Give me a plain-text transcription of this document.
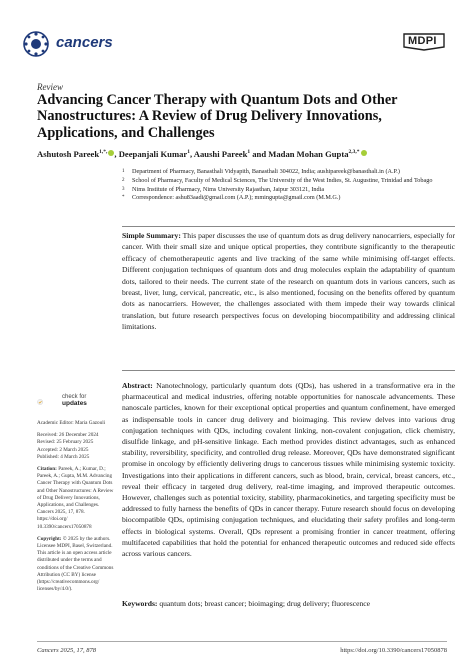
cancers	MDPI
Review
Advancing Cancer Therapy with Quantum Dots and Other Nanostructures: A Review of Drug Delivery Innovations, Applications, and Challenges
Ashutosh Pareek$^{1,*,}$ , Deepanjali Kumar$^1$, Aaushi Pareek$^1$ and Madan Mohan Gupta$^{2,3,*}$
1 Department of Pharmacy, Banasthali Vidyapith, Banasthali 304022, India; aushipareek@banasthali.in (A.P.)
2 School of Pharmacy, Faculty of Medical Sciences, The University of the West Indies, St. Augustine, Trinidad and Tobago
3 Nims Institute of Pharmacy, Nims University Rajasthan, Jaipur 303121, India
* Correspondence: ashu83aadi@gmail.com (A.P.); mmingupta@gmail.com (M.M.G.)
Simple Summary: This paper discusses the use of quantum dots as drug delivery nanocarriers, especially for cancer. With their small size and unique optical properties, they contribute significantly to the therapeutic efficacy of chemotherapeutic agents and live tracking of the same while minimising off-target effects. Different conjugation techniques of quantum dots and drug molecules explain the adaptability of quantum dots, tailored to their needs. The current state of the research on quantum dots in various cancers, such as breast, liver, lung, cervical, pancreatic, etc., is also mentioned, focusing on the benefits offered by quantum dots as nanocarriers. However, the challenges associated with them impede their way towards clinical translation, but future research perspectives focus on developing biocompatibility and addressing clinical limitations.
Abstract: Nanotechnology, particularly quantum dots (QDs), has ushered in a transformative era in the pharmaceutical and medical industries, offering notable opportunities for nanoscale advancements. These nanoscale particles, known for their exceptional optical properties and quantum confinement, have emerged as indispensable tools in cancer drug delivery and bioimaging. This review delves into various drug conjugation techniques with QDs, including covalent linking, non-covalent conjugation, click chemistry, disulfide linkage, and pH-sensitive linkage. Each method provides distinct advantages, such as enhanced stability, reversibility, specificity, and controlled drug release. Moreover, QDs have demonstrated significant promise in oncology by efficiently delivering drugs to cancerous tissues while minimising systemic toxicity. Investigations into their applications in different cancers, such as blood, brain, cervical, breast cancers, etc., reveal their efficacy in targeted drug delivery, real-time imaging, and improved therapeutic outcomes. However, challenges such as potential toxicity, stability, pharmacokinetics, and targeting specificity must be addressed to fully harness the benefits of QDs in cancer therapy. Future research should focus on developing biocompatible QDs, optimising conjugation techniques, and elucidating their safety profiles and long-term effects in biological systems. Overall, QDs represent a promising frontier in cancer treatment, offering multifaceted capabilities that hold the potential for enhanced therapeutic outcomes and reduced side effects across various cancers.
Keywords: quantum dots; breast cancer; bioimaging; drug delivery; fluorescence
check for
updates

Academic Editor: Maria Gazouli

Received: 26 December 2024

Revised: 25 February 2025

Accepted: 2 March 2025

Published: 4 March 2025

Citation: Pareek, A.; Kumar, D.; Pareek, A.; Gupta, M.M. Advancing Cancer Therapy with Quantum Dots and Other Nanostructures: A Review of Drug Delivery Innovations, Applications, and Challenges. Cancers 2025, 17, 878. https://doi.org/ 10.3390/cancers17050878

Copyright: © 2025 by the authors. Licensee MDPI, Basel, Switzerland. This article is an open access article distributed under the terms and conditions of the Creative Commons Attribution (CC BY) license (https://creativecommons.org/ licenses/by/4.0/).

Cancers 2025, 17, 878	https://doi.org/10.3390/cancers17050878
